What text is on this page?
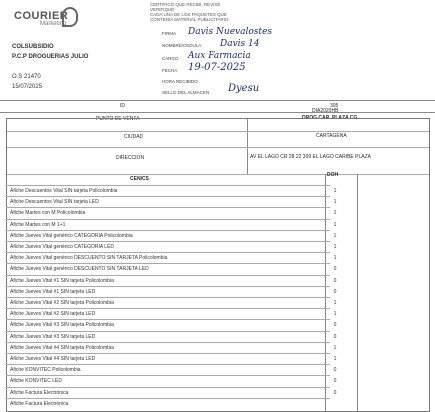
COURIER
Marketing
CERTIFICO QUE RECIBÍ, REVISÉ
VERIFIQUÉ
CADA UNA DE LOS PAQUETES QUE
CONTENÍA MATERIAL PUBLICITARIO
FIRMA Davis Nuevalostes
NOMBRE/CEDULA Davis 14
CARGO Aux Farmacia
FECHA 19-07-2025
HORA RECIBIDO
SELLO DEL ALMACEN Dyesu
COLSUBSIDIO
P.C.P DROGUERIAS JULIO
O.S 21470
15/07/2025
305
ID
DIA2020HB
PUNTO DE VENTA	DROG CAR. PLAZA CG
CIUDAD	CARTAGENA
DIRECCION	AV EL LAGO CR 28 22 309 EL LAGO CARIBE PLAZA
CENICS
DOH
Afiche Descuentos Vital SIN tarjeta Policolombia	1
Afiche Descuentos Vital SIN tarjeta LED	1
Afiche Martes con M Policolombia	1
Afiche Martes con M 1+1	1
Afiche Jueves Vital genérico CATEGORIA Policolombia	1
Afiche Jueves Vital genérico CATEGORIA LED	1
Afiche Jueves Vital genérico DESCUENTO SIN TARJETA Policolombia	1
Afiche Jueves Vital genérico DESCUENTO SIN TARJETA LED	0
Afiche Jueves Vital #1 SIN tarjeta Policolombia	0
Afiche Jueves Vital #1 SIN tarjeta LED	0
Afiche Jueves Vital #2 SIN tarjeta Policolombia	1
Afiche Jueves Vital #2 SIN tarjeta LED	1
Afiche Jueves Vital #3 SIN tarjeta Policolombia	0
Afiche Jueves Vital #3 SIN tarjeta LED	0
Afiche Jueves Vital #4 SIN tarjeta Policolombia	1
Afiche Jueves Vital #4 SIN tarjeta LED	1
Afiche KONVITEC Policolombia	0
Afiche KONVITEC LED	0
Afiche Factura Electrónica	0
Afiche Factura Electrónica
